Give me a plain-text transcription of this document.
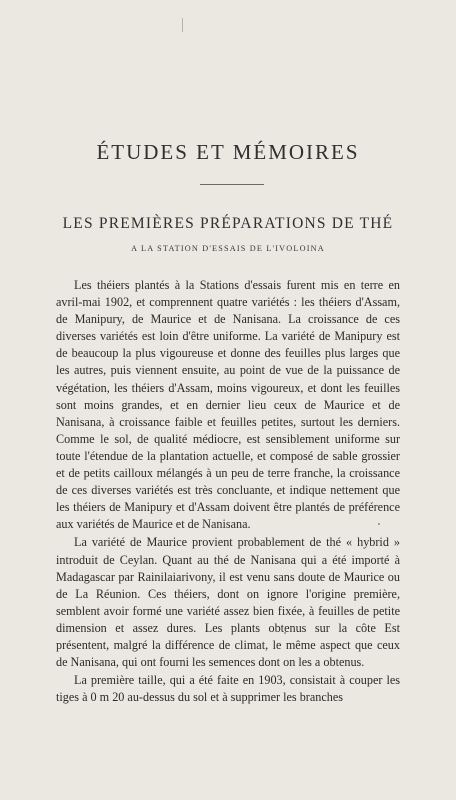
ÉTUDES ET MÉMOIRES
LES PREMIÈRES PRÉPARATIONS DE THÉ
A LA STATION D'ESSAIS DE L'IVOLOINA

Les théiers plantés à la Stations d'essais furent mis en terre en avril-mai 1902, et comprennent quatre variétés : les théiers d'Assam, de Manipury, de Maurice et de Nanisana. La croissance de ces diverses variétés est loin d'être uniforme. La variété de Manipury est de beaucoup la plus vigoureuse et donne des feuilles plus larges que les autres, puis viennent ensuite, au point de vue de la puissance de végétation, les théiers d'Assam, moins vigoureux, et dont les feuilles sont moins grandes, et en dernier lieu ceux de Maurice et de Nanisana, à croissance faible et feuilles petites, surtout les derniers. Comme le sol, de qualité médiocre, est sensiblement uniforme sur toute l'étendue de la plantation actuelle, et composé de sable grossier et de petits cailloux mélangés à un peu de terre franche, la croissance de ces diverses variétés est très concluante, et indique nettement que les théiers de Manipury et d'Assam doivent être plantés de préférence aux variétés de Maurice et de Nanisana.

La variété de Maurice provient probablement de thé « hybrid » introduit de Ceylan. Quant au thé de Nanisana qui a été importé à Madagascar par Rainilaiarivony, il est venu sans doute de Maurice ou de La Réunion. Ces théiers, dont on ignore l'origine première, semblent avoir formé une variété assez bien fixée, à feuilles de petite dimension et assez dures. Les plants obtenus sur la côte Est présentent, malgré la différence de climat, le même aspect que ceux de Nanisana, qui ont fourni les semences dont on les a obtenus.

La première taille, qui a été faite en 1903, consistait à couper les tiges à 0 m 20 au-dessus du sol et à supprimer les branches
